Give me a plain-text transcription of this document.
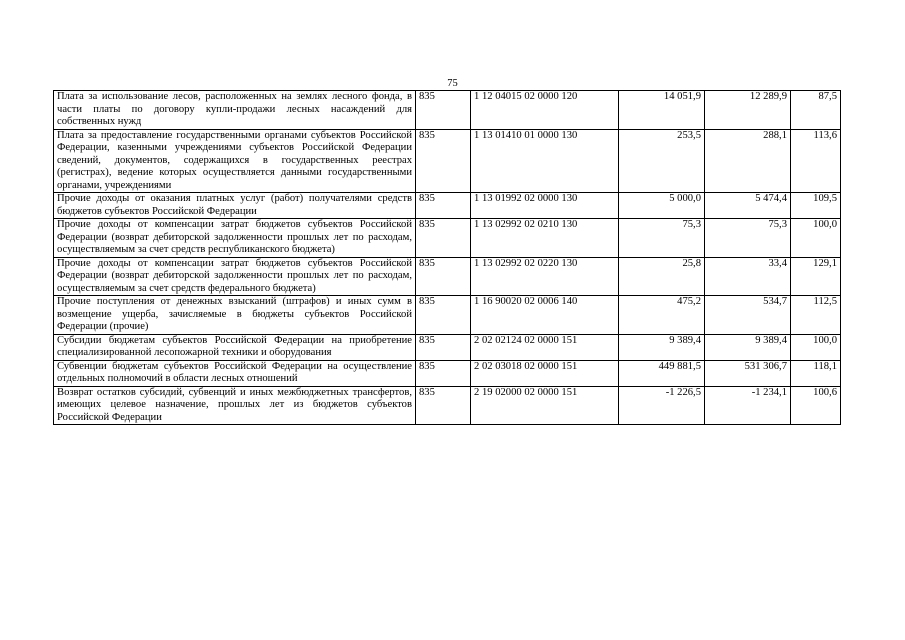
75
Плата за использование лесов, расположенных на землях лесного фонда, в части платы по договору купли-продажи лесных насаждений для собственных нужд	835	1 12 04015 02 0000 120	14 051,9	12 289,9	87,5
Плата за предоставление государственными органами субъектов Российской Федерации, казенными учреждениями субъектов Российской Федерации сведений, документов, содержащихся в государственных реестрах (регистрах), ведение которых осуществляется данными государственными органами, учреждениями	835	1 13 01410 01 0000 130	253,5	288,1	113,6
Прочие доходы от оказания платных услуг (работ) получателями средств бюджетов субъектов Российской Федерации	835	1 13 01992 02 0000 130	5 000,0	5 474,4	109,5
Прочие доходы от компенсации затрат бюджетов субъектов Российской Федерации (возврат дебиторской задолженности прошлых лет по расходам, осуществляемым за счет средств республиканского бюджета)	835	1 13 02992 02 0210 130	75,3	75,3	100,0
Прочие доходы от компенсации затрат бюджетов субъектов Российской Федерации (возврат дебиторской задолженности прошлых лет по расходам, осуществляемым за счет средств федерального бюджета)	835	1 13 02992 02 0220 130	25,8	33,4	129,1
Прочие поступления от денежных взысканий (штрафов) и иных сумм в возмещение ущерба, зачисляемые в бюджеты субъектов Российской Федерации (прочие)	835	1 16 90020 02 0006 140	475,2	534,7	112,5
Субсидии бюджетам субъектов Российской Федерации на приобретение специализированной лесопожарной техники и оборудования	835	2 02 02124 02 0000 151	9 389,4	9 389,4	100,0
Субвенции бюджетам субъектов Российской Федерации на осуществление отдельных полномочий в области лесных отношений	835	2 02 03018 02 0000 151	449 881,5	531 306,7	118,1
Возврат остатков субсидий, субвенций и иных межбюджетных трансфертов, имеющих целевое назначение, прошлых лет из бюджетов субъектов Российской Федерации	835	2 19 02000 02 0000 151	-1 226,5	-1 234,1	100,6
